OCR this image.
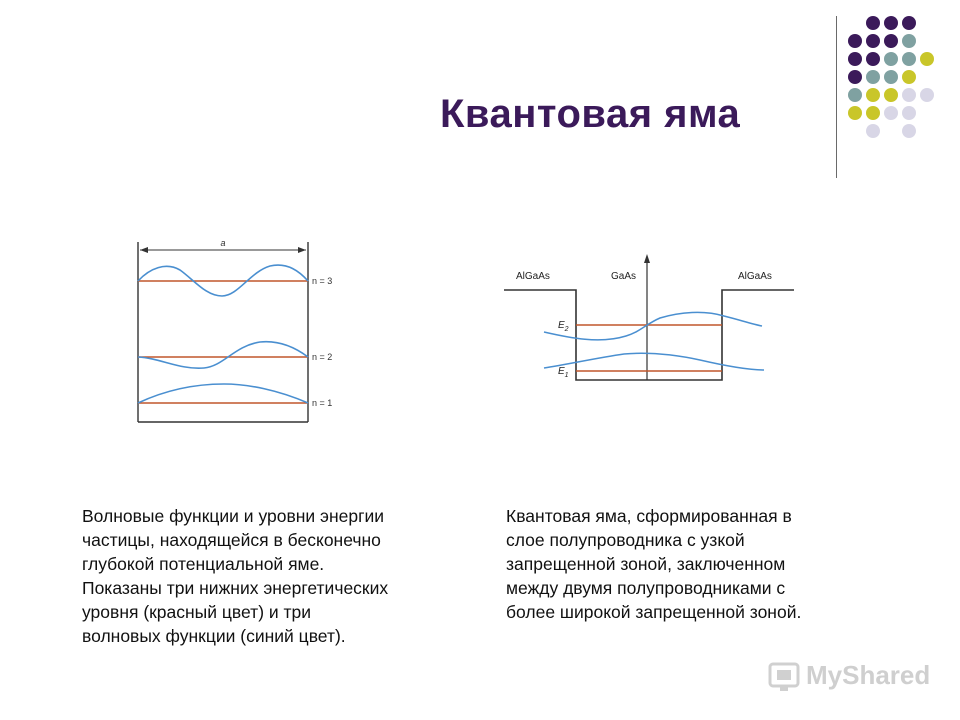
Квантовая яма
a
n = 3
n = 2
n = 1
AlGaAs	GaAs	AlGaAs
$E_2$
$E_1$
Волновые функции и уровни энергии
частицы, находящейся в бесконечно
глубокой потенциальной яме.
Показаны три нижних энергетических
уровня (красный цвет) и три
волновых функции (синий цвет).
Квантовая яма, сформированная в
слое полупроводника с узкой
запрещенной зоной, заключенном
между двумя полупроводниками с
более широкой запрещенной зоной.
MyShared
